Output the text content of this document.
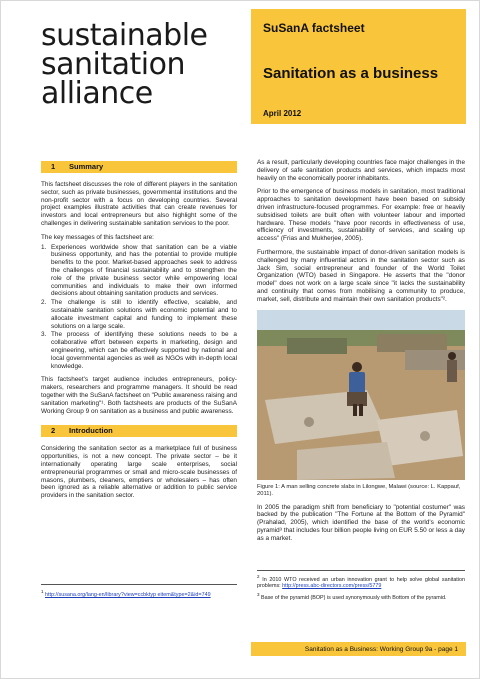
sustainable
sanitation
alliance
SuSanA factsheet
Sanitation as a business
April 2012
1	Summary

This factsheet discusses the role of different players in the sanitation sector, such as private businesses, governmental institutions and the non-profit sector with a focus on developing countries. Several project examples illustrate activities that can create revenues for investors and local entrepreneurs but also highlight some of the challenges in delivering sustainable sanitation services to the poor.

The key messages of this factsheet are:

1. Experiences worldwide show that sanitation can be a viable business opportunity, and has the potential to provide multiple benefits to the poor. Market-based approaches seek to address the challenges of financial sustainability and to strengthen the role of the private business sector while empowering local communities and individuals to make their own informed decisions about obtaining sanitation products and services.
2. The challenge is still to identify effective, scalable, and sustainable sanitation solutions with economic potential and to allocate investment capital and funding to implement these solutions on a large scale.
3. The process of identifying these solutions needs to be a collaborative effort between experts in marketing, design and engineering, which can be effectively supported by national and local governmental agencies as well as NGOs with in-depth local knowledge.

This factsheet's target audience includes entrepreneurs, policy-makers, researchers and programme managers. It should be read together with the SuSanA factsheet on "Public awareness raising and sanitation marketing"¹. Both factsheets are products of the SuSanA Working Group 9 on sanitation as a business and public awareness.

2	Introduction

Considering the sanitation sector as a marketplace full of business opportunities, is not a new concept. The private sector – be it internationally operating large scale enterprises, social entrepreneurial programmes or small and micro-scale businesses of masons, plumbers, cleaners, emptiers or wholesalers – has often been ignored as a reliable alternative or addition to public service providers in the sanitation sector.

As a result, particularly developing countries face major challenges in the delivery of safe sanitation products and services, which impacts most heavily on the economically poorer inhabitants.

Prior to the emergence of business models in sanitation, most traditional approaches to sanitation development have been based on subsidy driven infrastructure-focused programmes. For example: free or heavily subsidised toilets are built often with volunteer labour and imported hardware. These models "have poor records in effectiveness of use, efficiency of investments, sustainability of services, and scaling up access" (Frias and Mukherjee, 2005).

Furthermore, the sustainable impact of donor-driven sanitation models is challenged by many influential actors in the sanitation sector such as Jack Sim, social entrepreneur and founder of the World Toilet Organization (WTO) based in Singapore. He asserts that the "donor model" does not work on a large scale since "it lacks the sustainability and continuity that comes from mobilising a community to produce, market, sell, distribute and maintain their own sanitation products"².

Figure 1: A man selling concrete slabs in Lilongwe, Malawi (source: L. Kappauf, 2011).

In 2005 the paradigm shift from beneficiary to "potential costumer" was backed by the publication "The Fortune at the Bottom of the Pyramid" (Prahalad, 2005), which identified the base of the world's economic pyramid³ that includes four billion people living on EUR 5.50 or less a day as a market.

$^1$ http://susana.org/lang-en/library?view=ccbktyp eitem&type=2&id=749
$^2$ In 2010 WTO received an urban innovation grant to help solve global sanitation problems: http://press.abc-directors.com/press/5779
$^3$ Base of the pyramid (BOP) is used synonymously with Bottom of the pyramid.
Sanitation as a Business: Working Group 9a - page 1
